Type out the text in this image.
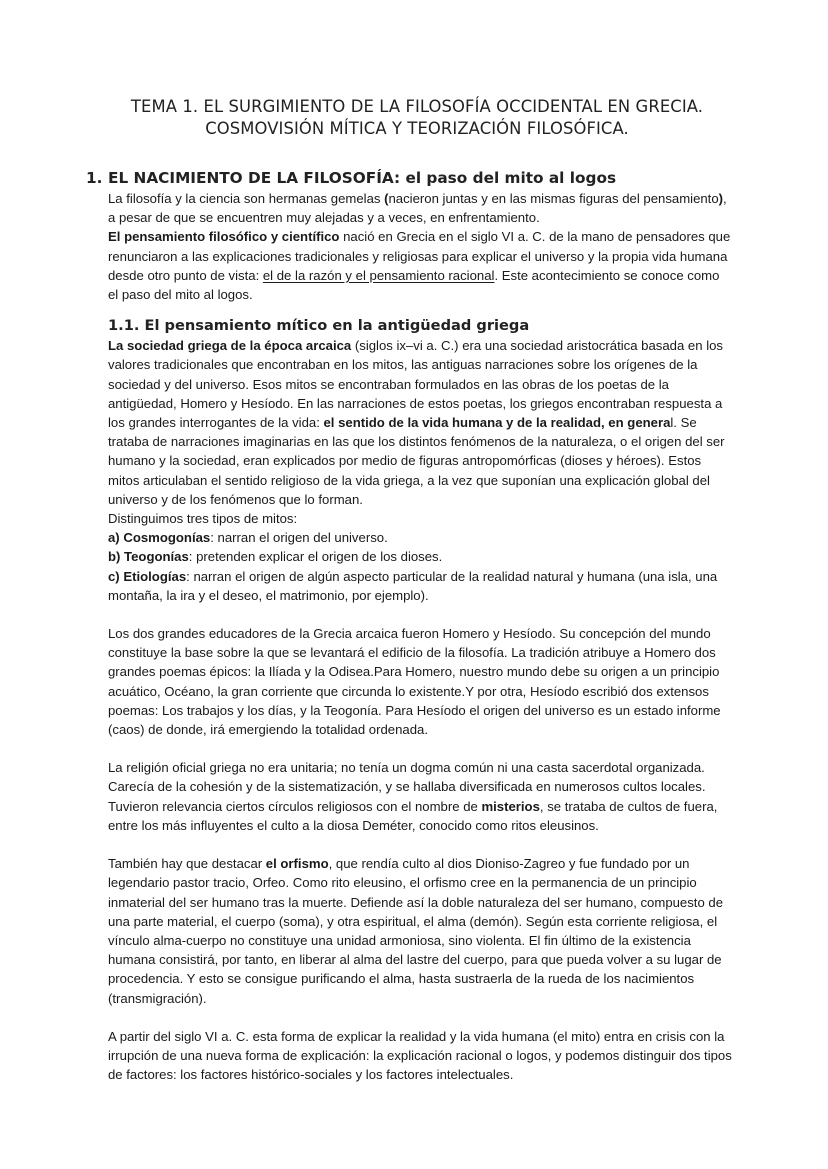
TEMA 1. EL SURGIMIENTO DE LA FILOSOFÍA OCCIDENTAL EN GRECIA.
COSMOVISIÓN MÍTICA Y TEORIZACIÓN FILOSÓFICA.
1. EL NACIMIENTO DE LA FILOSOFÍA: el paso del mito al logos

La filosofía y la ciencia son hermanas gemelas (nacieron juntas y en las mismas figuras del pensamiento), a pesar de que se encuentren muy alejadas y a veces, en enfrentamiento.

El pensamiento filosófico y científico nació en Grecia en el siglo VI a. C. de la mano de pensadores que renunciaron a las explicaciones tradicionales y religiosas para explicar el universo y la propia vida humana desde otro punto de vista: el de la razón y el pensamiento racional. Este acontecimiento se conoce como el paso del mito al logos.

1.1. El pensamiento mítico en la antigüedad griega

La sociedad griega de la época arcaica (siglos ix–vi a. C.) era una sociedad aristocrática basada en los valores tradicionales que encontraban en los mitos, las antiguas narraciones sobre los orígenes de la sociedad y del universo. Esos mitos se encontraban formulados en las obras de los poetas de la antigüedad, Homero y Hesíodo. En las narraciones de estos poetas, los griegos encontraban respuesta a los grandes interrogantes de la vida: el sentido de la vida humana y de la realidad, en general. Se trataba de narraciones imaginarias en las que los distintos fenómenos de la naturaleza, o el origen del ser humano y la sociedad, eran explicados por medio de figuras antropomórficas (dioses y héroes). Estos mitos articulaban el sentido religioso de la vida griega, a la vez que suponían una explicación global del universo y de los fenómenos que lo forman.

Distinguimos tres tipos de mitos:

a) Cosmogonías: narran el origen del universo.

b) Teogonías: pretenden explicar el origen de los dioses.

c) Etiologías: narran el origen de algún aspecto particular de la realidad natural y humana (una isla, una montaña, la ira y el deseo, el matrimonio, por ejemplo).

Los dos grandes educadores de la Grecia arcaica fueron Homero y Hesíodo. Su concepción del mundo constituye la base sobre la que se levantará el edificio de la filosofía. La tradición atribuye a Homero dos grandes poemas épicos: la Ilíada y la Odisea.Para Homero, nuestro mundo debe su origen a un principio acuático, Océano, la gran corriente que circunda lo existente.Y por otra, Hesíodo escribió dos extensos poemas: Los trabajos y los días, y la Teogonía. Para Hesíodo el origen del universo es un estado informe (caos) de donde, irá emergiendo la totalidad ordenada.

La religión oficial griega no era unitaria; no tenía un dogma común ni una casta sacerdotal organizada. Carecía de la cohesión y de la sistematización, y se hallaba diversificada en numerosos cultos locales. Tuvieron relevancia ciertos círculos religiosos con el nombre de misterios, se trataba de cultos de fuera, entre los más influyentes el culto a la diosa Deméter, conocido como ritos eleusinos.

También hay que destacar el orfismo, que rendía culto al dios Dioniso-Zagreo y fue fundado por un legendario pastor tracio, Orfeo. Como rito eleusino, el orfismo cree en la permanencia de un principio inmaterial del ser humano tras la muerte. Defiende así la doble naturaleza del ser humano, compuesto de una parte material, el cuerpo (soma), y otra espiritual, el alma (demón). Según esta corriente religiosa, el vínculo alma-cuerpo no constituye una unidad armoniosa, sino violenta. El fin último de la existencia humana consistirá, por tanto, en liberar al alma del lastre del cuerpo, para que pueda volver a su lugar de procedencia. Y esto se consigue purificando el alma, hasta sustraerla de la rueda de los nacimientos (transmigración).

A partir del siglo VI a. C. esta forma de explicar la realidad y la vida humana (el mito) entra en crisis con la irrupción de una nueva forma de explicación: la explicación racional o logos, y podemos distinguir dos tipos de factores: los factores histórico-sociales y los factores intelectuales.
